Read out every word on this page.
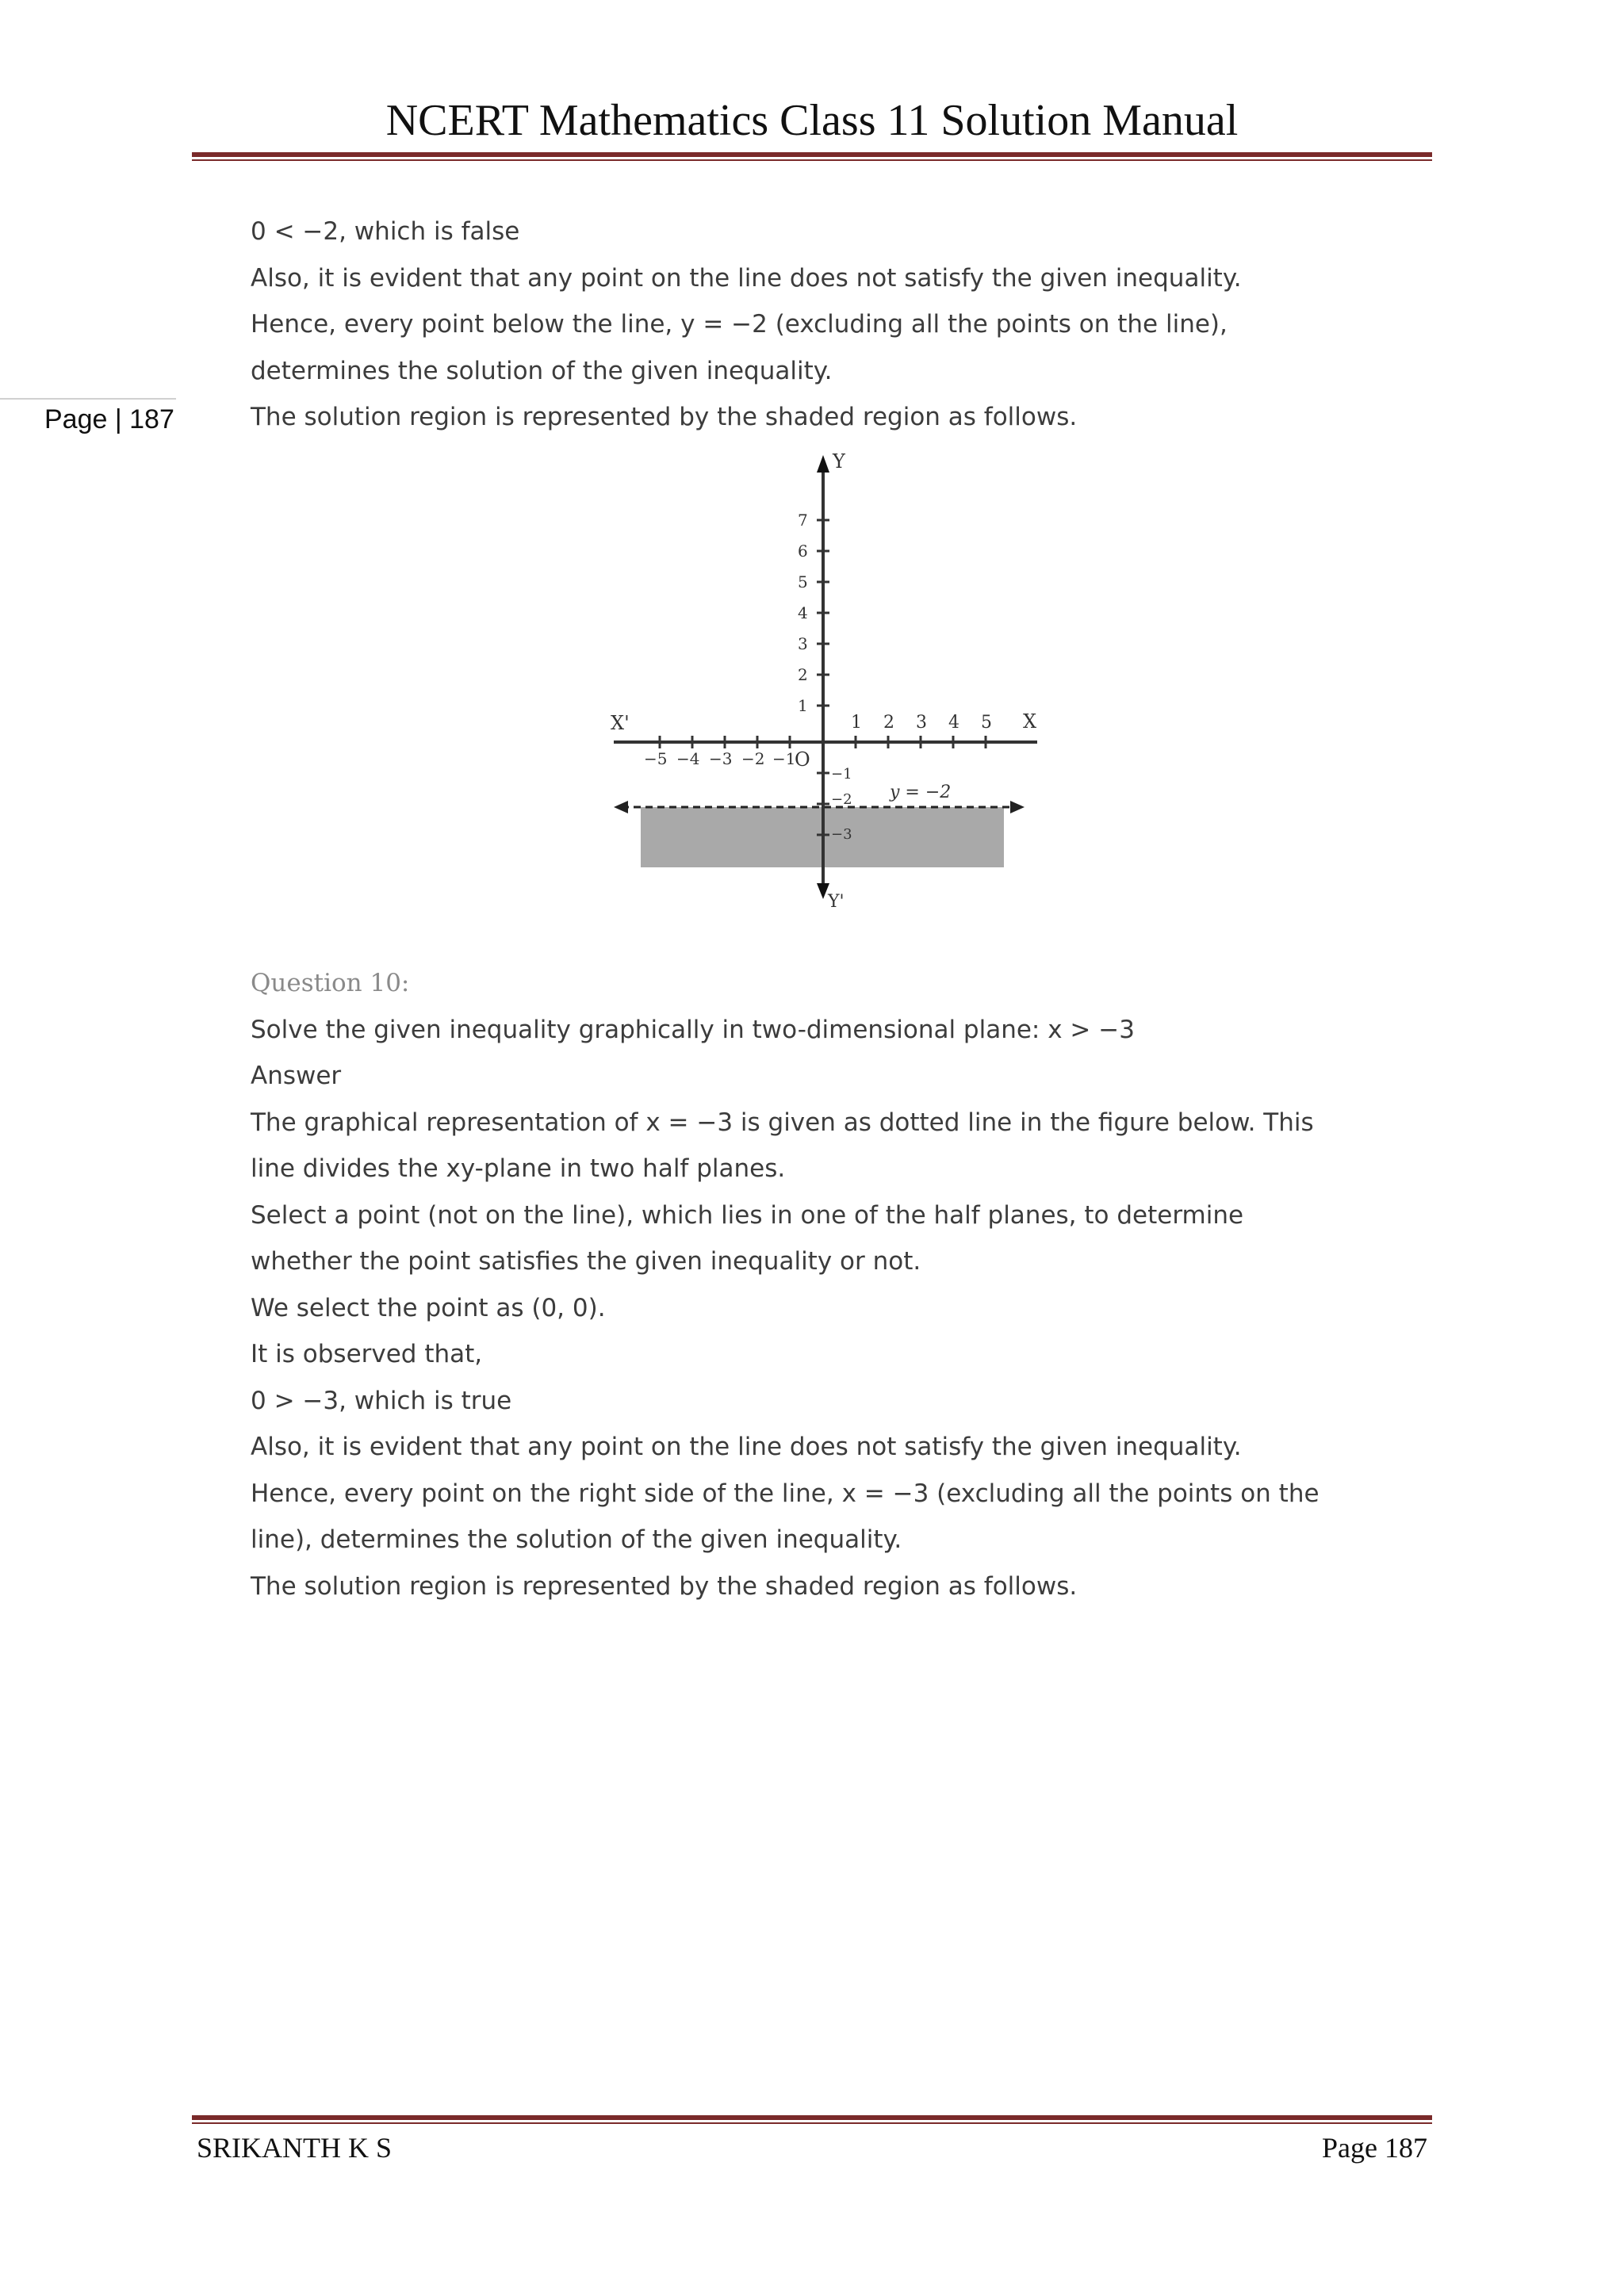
NCERT Mathematics Class 11 Solution Manual
Page | 187
0 < −2, which is false
Also, it is evident that any point on the line does not satisfy the given inequality.
Hence, every point below the line, y = −2 (excluding all the points on the line),
determines the solution of the given inequality.
The solution region is represented by the shaded region as follows.
Y
Y'
X'	X
O
7
6
5
4
3
2
1
1 2 3 4 5
−5 −4 −3 −2 −1
−1
−2
−3
y = −2
Question 10:
Solve the given inequality graphically in two-dimensional plane: x > −3
Answer
The graphical representation of x = −3 is given as dotted line in the figure below. This
line divides the xy-plane in two half planes.
Select a point (not on the line), which lies in one of the half planes, to determine
whether the point satisfies the given inequality or not.
We select the point as (0, 0).
It is observed that,
0 > −3, which is true
Also, it is evident that any point on the line does not satisfy the given inequality.
Hence, every point on the right side of the line, x = −3 (excluding all the points on the
line), determines the solution of the given inequality.
The solution region is represented by the shaded region as follows.
SRIKANTH K S	Page 187
